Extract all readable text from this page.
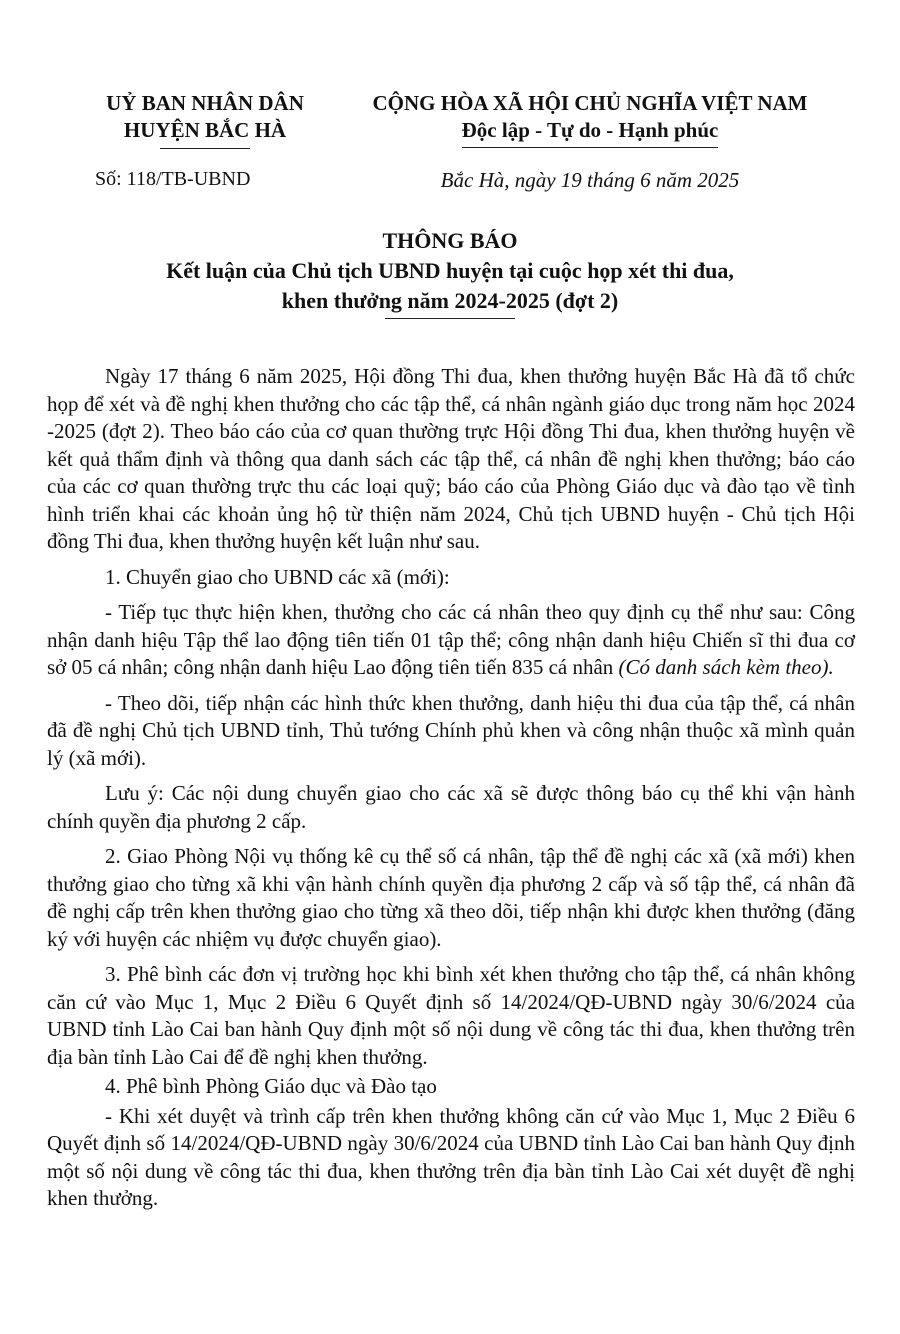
UỶ BAN NHÂN DÂN
HUYỆN BẮC HÀ
CỘNG HÒA XÃ HỘI CHỦ NGHĨA VIỆT NAM
Độc lập - Tự do - Hạnh phúc
Số: 118/TB-UBND	Bắc Hà, ngày 19 tháng 6 năm 2025
THÔNG BÁO
Kết luận của Chủ tịch UBND huyện tại cuộc họp xét thi đua,
khen thưởng năm 2024-2025 (đợt 2)

Ngày 17 tháng 6 năm 2025, Hội đồng Thi đua, khen thưởng huyện Bắc Hà đã tổ chức họp để xét và đề nghị khen thưởng cho các tập thể, cá nhân ngành giáo dục trong năm học 2024 -2025 (đợt 2). Theo báo cáo của cơ quan thường trực Hội đồng Thi đua, khen thưởng huyện về kết quả thẩm định và thông qua danh sách các tập thể, cá nhân đề nghị khen thưởng; báo cáo của các cơ quan thường trực thu các loại quỹ; báo cáo của Phòng Giáo dục và đào tạo về tình hình triển khai các khoản ủng hộ từ thiện năm 2024, Chủ tịch UBND huyện - Chủ tịch Hội đồng Thi đua, khen thưởng huyện kết luận như sau.

1. Chuyển giao cho UBND các xã (mới):

- Tiếp tục thực hiện khen, thưởng cho các cá nhân theo quy định cụ thể như sau: Công nhận danh hiệu Tập thể lao động tiên tiến 01 tập thể; công nhận danh hiệu Chiến sĩ thi đua cơ sở 05 cá nhân; công nhận danh hiệu Lao động tiên tiến 835 cá nhân (Có danh sách kèm theo).

- Theo dõi, tiếp nhận các hình thức khen thưởng, danh hiệu thi đua của tập thể, cá nhân đã đề nghị Chủ tịch UBND tỉnh, Thủ tướng Chính phủ khen và công nhận thuộc xã mình quản lý (xã mới).

Lưu ý: Các nội dung chuyển giao cho các xã sẽ được thông báo cụ thể khi vận hành chính quyền địa phương 2 cấp.

2. Giao Phòng Nội vụ thống kê cụ thể số cá nhân, tập thể đề nghị các xã (xã mới) khen thưởng giao cho từng xã khi vận hành chính quyền địa phương 2 cấp và số tập thể, cá nhân đã đề nghị cấp trên khen thưởng giao cho từng xã theo dõi, tiếp nhận khi được khen thưởng (đăng ký với huyện các nhiệm vụ được chuyển giao).

3. Phê bình các đơn vị trường học khi bình xét khen thưởng cho tập thể, cá nhân không căn cứ vào Mục 1, Mục 2 Điều 6 Quyết định số 14/2024/QĐ-UBND ngày 30/6/2024 của UBND tỉnh Lào Cai ban hành Quy định một số nội dung về công tác thi đua, khen thưởng trên địa bàn tỉnh Lào Cai để đề nghị khen thưởng.

4. Phê bình Phòng Giáo dục và Đào tạo

- Khi xét duyệt và trình cấp trên khen thưởng không căn cứ vào Mục 1, Mục 2 Điều 6 Quyết định số 14/2024/QĐ-UBND ngày 30/6/2024 của UBND tỉnh Lào Cai ban hành Quy định một số nội dung về công tác thi đua, khen thưởng trên địa bàn tỉnh Lào Cai xét duyệt đề nghị khen thưởng.
